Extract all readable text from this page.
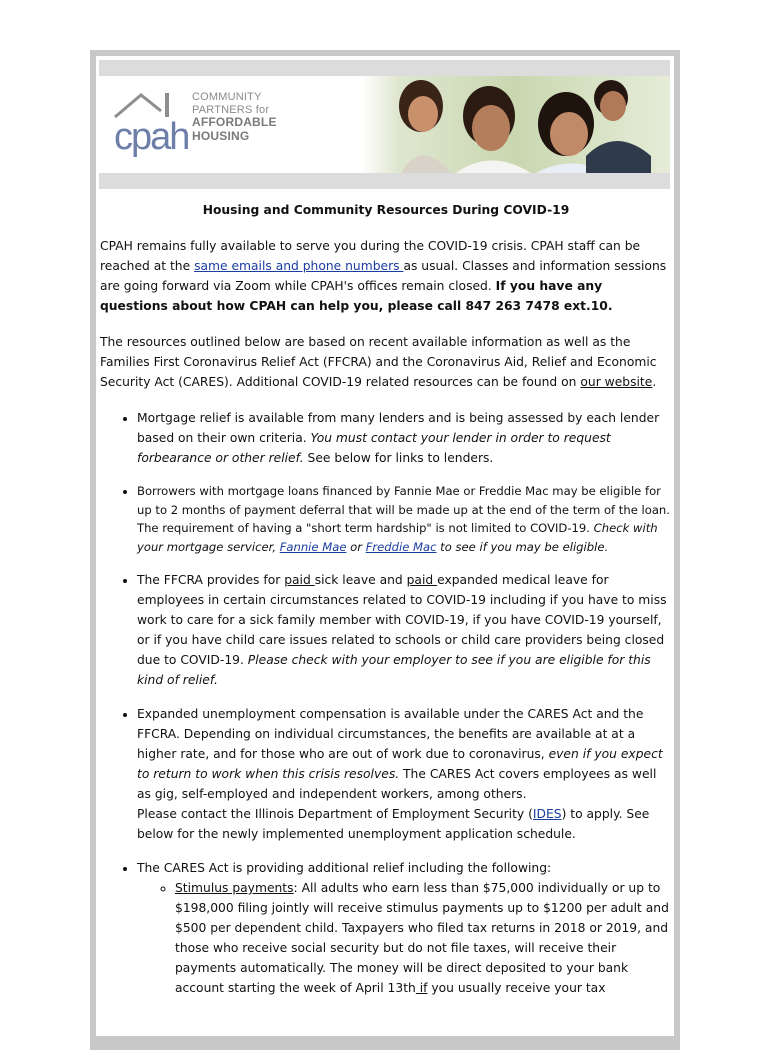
cpah
COMMUNITY
PARTNERS for
AFFORDABLE
HOUSING
Housing and Community Resources During COVID-19

CPAH remains fully available to serve you during the COVID-19 crisis. CPAH staff can be reached at the same emails and phone numbers as usual. Classes and information sessions are going forward via Zoom while CPAH's offices remain closed. If you have any questions about how CPAH can help you, please call 847 263 7478 ext.10.

The resources outlined below are based on recent available information as well as the Families First Coronavirus Relief Act (FFCRA) and the Coronavirus Aid, Relief and Economic Security Act (CARES). Additional COVID-19 related resources can be found on our website.

• Mortgage relief is available from many lenders and is being assessed by each lender based on their own criteria. You must contact your lender in order to request forbearance or other relief. See below for links to lenders.
• Borrowers with mortgage loans financed by Fannie Mae or Freddie Mac may be eligible for up to 2 months of payment deferral that will be made up at the end of the term of the loan. The requirement of having a "short term hardship" is not limited to COVID-19. Check with your mortgage servicer, Fannie Mae or Freddie Mac to see if you may be eligible.
• The FFCRA provides for paid sick leave and paid expanded medical leave for employees in certain circumstances related to COVID-19 including if you have to miss work to care for a sick family member with COVID-19, if you have COVID-19 yourself, or if you have child care issues related to schools or child care providers being closed due to COVID-19. Please check with your employer to see if you are eligible for this kind of relief.
• Expanded unemployment compensation is available under the CARES Act and the FFCRA. Depending on individual circumstances, the benefits are available at at a higher rate, and for those who are out of work due to coronavirus, even if you expect to return to work when this crisis resolves. The CARES Act covers employees as well as gig, self-employed and independent workers, among others.
Please contact the Illinois Department of Employment Security (IDES) to apply. See below for the newly implemented unemployment application schedule.
• The CARES Act is providing additional relief including the following:
◦ Stimulus payments: All adults who earn less than $75,000 individually or up to $198,000 filing jointly will receive stimulus payments up to $1200 per adult and $500 per dependent child. Taxpayers who filed tax returns in 2018 or 2019, and those who receive social security but do not file taxes, will receive their payments automatically. The money will be direct deposited to your bank account starting the week of April 13th if you usually receive your tax
